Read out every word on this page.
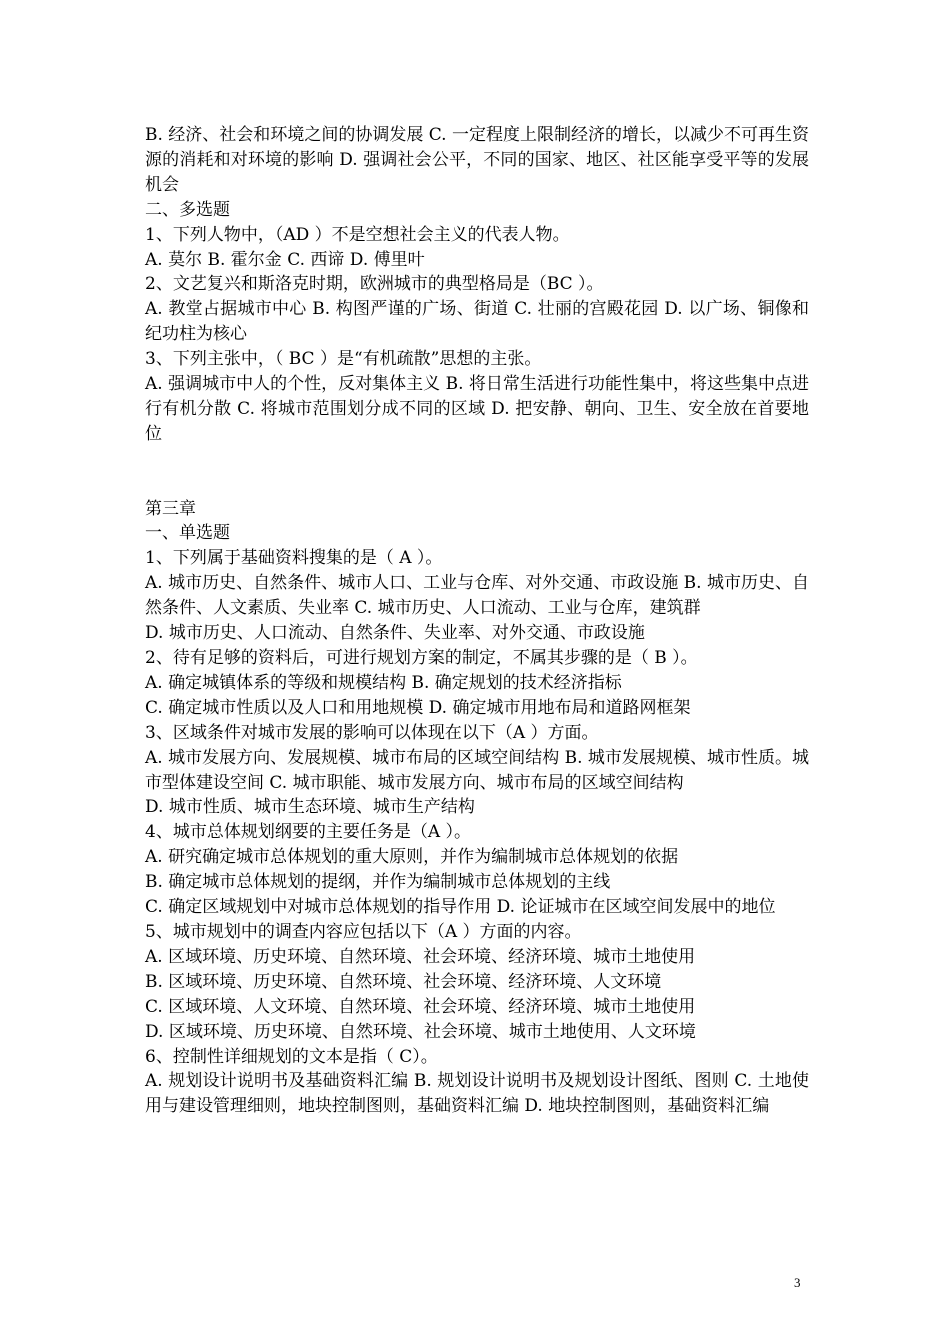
B. 经济、社会和环境之间的协调发展 C. 一定程度上限制经济的增长，以减少不可再生资源的消耗和对环境的影响 D. 强调社会公平，不同的国家、地区、社区能享受平等的发展机会

二、多选题

1、下列人物中，（AD ）不是空想社会主义的代表人物。

A. 莫尔 B. 霍尔金 C. 西谛 D. 傅里叶

2、文艺复兴和斯洛克时期，欧洲城市的典型格局是（BC ）。

A. 教堂占据城市中心 B. 构图严谨的广场、街道 C. 壮丽的宫殿花园 D. 以广场、铜像和纪功柱为核心

3、下列主张中，（ BC ）是“有机疏散”思想的主张。

A. 强调城市中人的个性，反对集体主义 B. 将日常生活进行功能性集中，将这些集中点进行有机分散 C. 将城市范围划分成不同的区域 D. 把安静、朝向、卫生、安全放在首要地位

第三章

一、单选题

1、下列属于基础资料搜集的是（ A ）。

A. 城市历史、自然条件、城市人口、工业与仓库、对外交通、市政设施 B. 城市历史、自然条件、人文素质、失业率 C. 城市历史、人口流动、工业与仓库，建筑群

D. 城市历史、人口流动、自然条件、失业率、对外交通、市政设施

2、待有足够的资料后，可进行规划方案的制定，不属其步骤的是（ B ）。

A. 确定城镇体系的等级和规模结构 B. 确定规划的技术经济指标

C. 确定城市性质以及人口和用地规模 D. 确定城市用地布局和道路网框架

3、区域条件对城市发展的影响可以体现在以下（A ）方面。

A. 城市发展方向、发展规模、城市布局的区域空间结构 B. 城市发展规模、城市性质。城市型体建设空间 C. 城市职能、城市发展方向、城市布局的区域空间结构

D. 城市性质、城市生态环境、城市生产结构

4、城市总体规划纲要的主要任务是（A ）。

A. 研究确定城市总体规划的重大原则，并作为编制城市总体规划的依据

B. 确定城市总体规划的提纲，并作为编制城市总体规划的主线

C. 确定区域规划中对城市总体规划的指导作用 D. 论证城市在区域空间发展中的地位

5、城市规划中的调查内容应包括以下（A ）方面的内容。

A. 区域环境、历史环境、自然环境、社会环境、经济环境、城市土地使用

B. 区域环境、历史环境、自然环境、社会环境、经济环境、人文环境

C. 区域环境、人文环境、自然环境、社会环境、经济环境、城市土地使用

D. 区域环境、历史环境、自然环境、社会环境、城市土地使用、人文环境

6、控制性详细规划的文本是指（ C）。

A. 规划设计说明书及基础资料汇编 B. 规划设计说明书及规划设计图纸、图则 C. 土地使用与建设管理细则，地块控制图则，基础资料汇编 D. 地块控制图则，基础资料汇编

3
